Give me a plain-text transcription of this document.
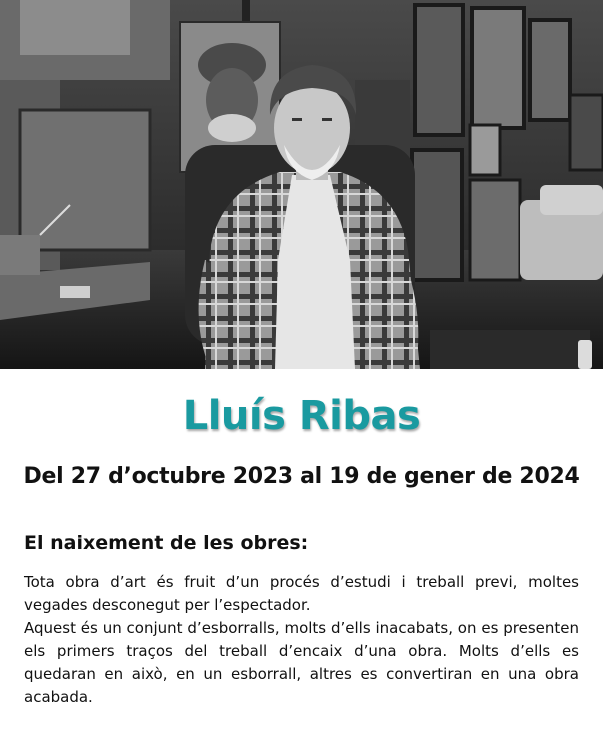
Lluís Ribas
Del 27 d’octubre 2023 al 19 de gener de 2024
El naixement de les obres:

Tota obra d’art és fruit d’un procés d’estudi i treball previ, moltes vegades desconegut per l’espectador.

Aquest és un conjunt d’esborralls, molts d’ells inacabats, on es presenten els primers traços del treball d’encaix d’una obra. Molts d’ells es quedaran en això, en un esborrall, altres es convertiran en una obra acabada.
